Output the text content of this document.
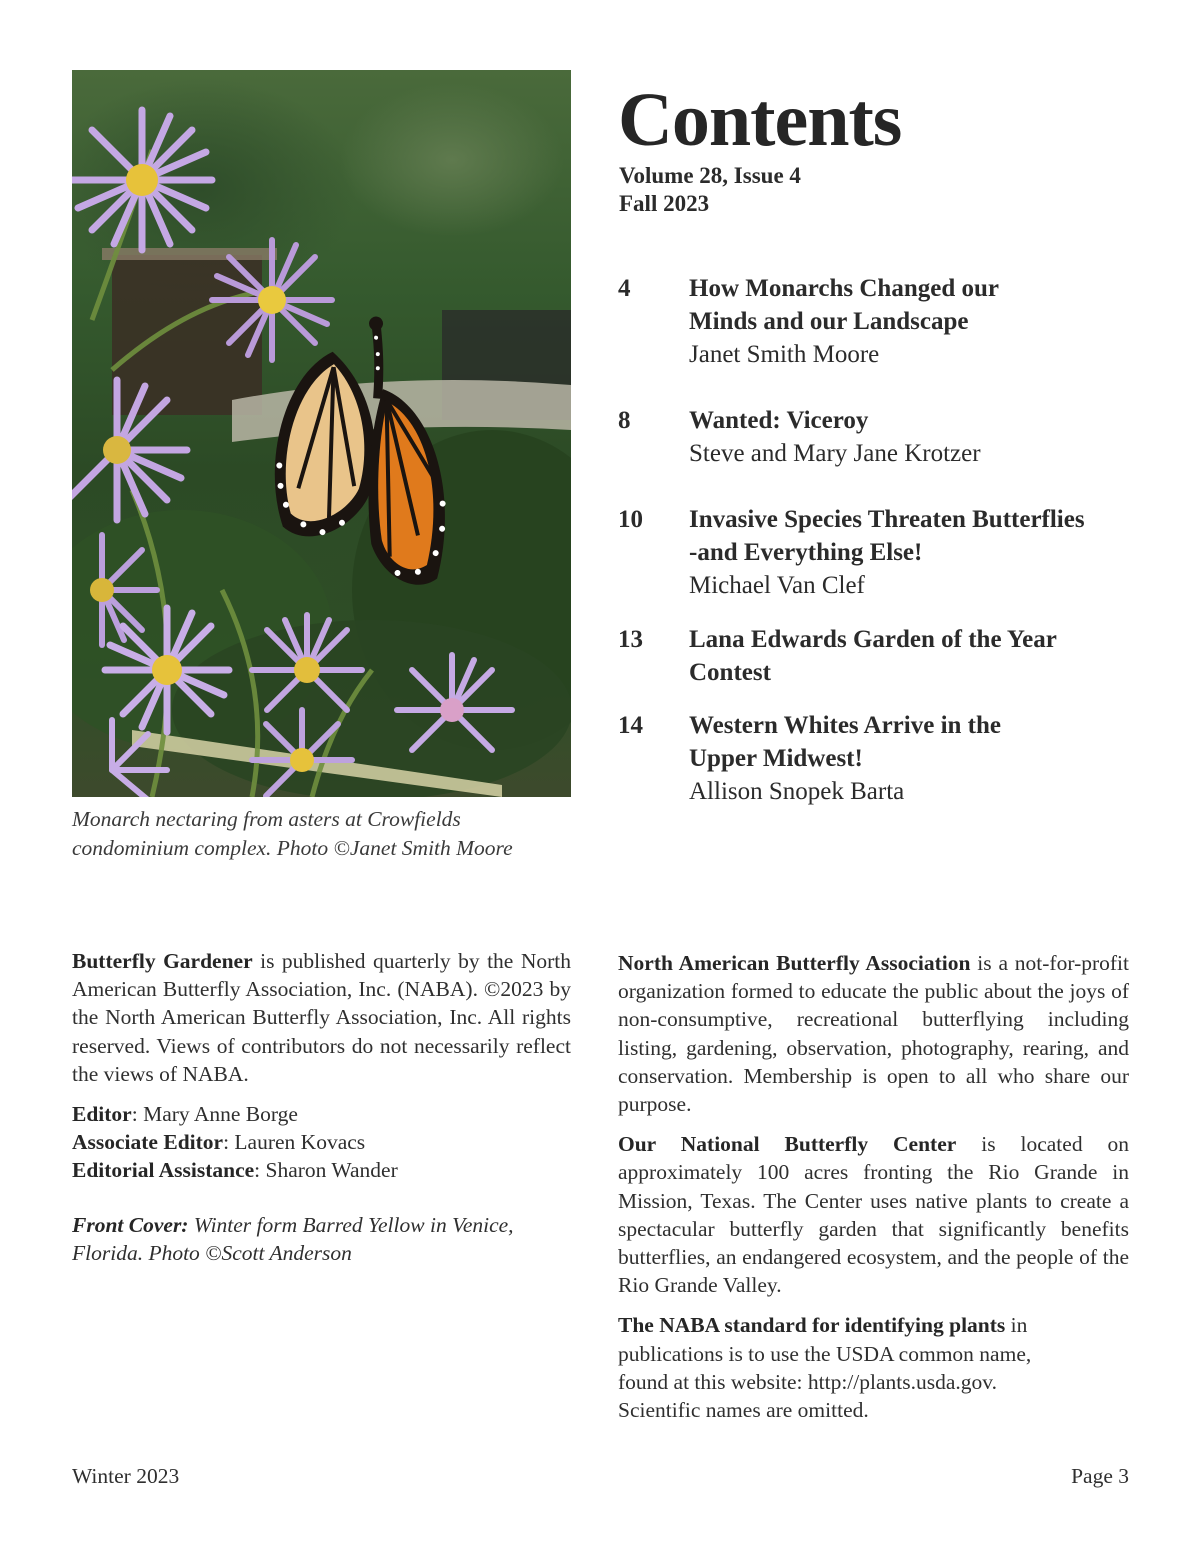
Monarch nectaring from asters at Crowfields
condominium complex. Photo ©Janet Smith Moore
Contents
Volume 28, Issue 4
Fall 2023
4 How Monarchs Changed our
Minds and our Landscape
Janet Smith Moore
8 Wanted: Viceroy
Steve and Mary Jane Krotzer
10 Invasive Species Threaten Butterflies
-and Everything Else!
Michael Van Clef
13 Lana Edwards Garden of the Year
Contest
14 Western Whites Arrive in the
Upper Midwest!
Allison Snopek Barta

Butterfly Gardener is published quarterly by the North American Butterfly Association, Inc. (NABA). ©2023 by the North American Butterfly Association, Inc. All rights reserved. Views of contributors do not necessarily reflect the views of NABA.

Editor: Mary Anne Borge

Associate Editor: Lauren Kovacs

Editorial Assistance: Sharon Wander

Front Cover: Winter form Barred Yellow in Venice, Florida. Photo ©Scott Anderson

North American Butterfly Association is a not-for-profit organization formed to educate the public about the joys of non-consumptive, recreational butterflying including listing, gardening, observation, photography, rearing, and conservation. Membership is open to all who share our purpose.

Our National Butterfly Center is located on approximately 100 acres fronting the Rio Grande in Mission, Texas. The Center uses native plants to create a spectacular butterfly garden that significantly benefits butterflies, an endangered ecosystem, and the people of the Rio Grande Valley.

The NABA standard for identifying plants in publications is to use the USDA common name, found at this website: http://plants.usda.gov. Scientific names are omitted.

Winter 2023	Page 3
